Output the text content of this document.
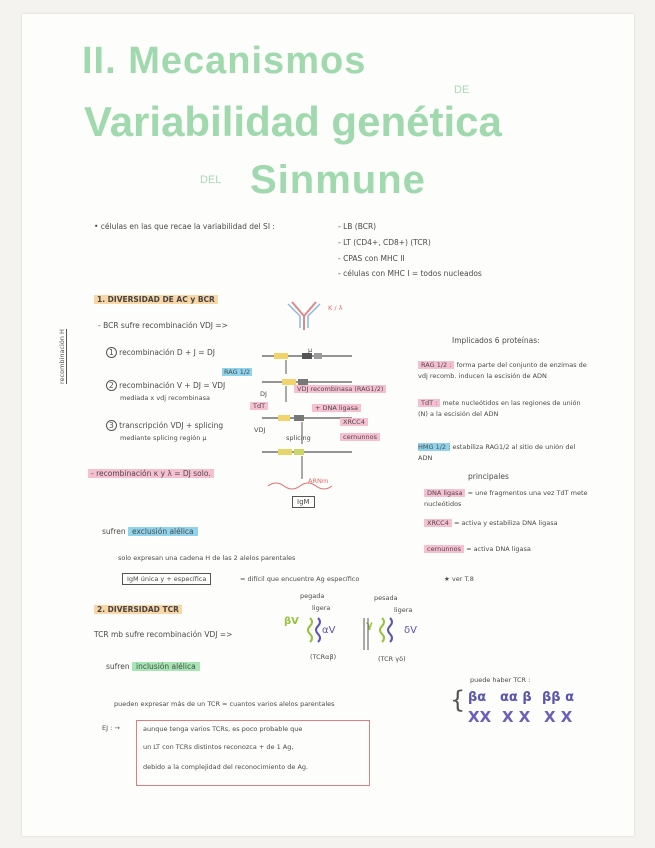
II. Mecanismos
DE
Variabilidad genética
DEL Sinmune
• células en las que recae la variabilidad del SI :	- LB (BCR)
- LT (CD4+, CD8+) (TCR)
- CPAS con MHC II
- células con MHC I = todos nucleados
1. DIVERSIDAD DE AC y BCR
- BCR sufre recombinación VDJ =>
recombinación H	1 recombinación D + J = DJ
2 recombinación V + DJ = VDJ
mediada x vdj recombinasa
3 transcripción VDJ + splicing
mediante splicing región μ
- recombinación κ y λ = DJ solo.
RAG 1/2
DJ
TdT
VDJ
VDJ recombinasa (RAG1/2)
+ DNA ligasa
XRCC4
cernunnos
splicing
μ
ARNm
IgM
K / λ
Implicados 6 proteínas:
RAG 1/2 : forma parte del conjunto de enzimas de vdj recomb. inducen la escisión de ADN
TdT : mete nucleótidos en las regiones de unión (N) a la escisión del ADN
HMG 1/2 : estabiliza RAG1/2 al sitio de unión del ADN
principales
DNA ligasa = une fragmentos una vez TdT mete nucleótidos
XRCC4 = activa y estabiliza DNA ligasa
cernunnos = activa DNA ligasa
sufren exclusión alélica
solo expresan una cadena H de las 2 alelos parentales
IgM única y + específica	= difícil que encuentre Ag específico	★ ver T.8
2. DIVERSIDAD TCR
TCR mb sufre recombinación VDJ =>
pegada
ligera
pesada
ligera
βV
αV	γ	δV
(TCRαβ)	(TCR γδ)
sufren inclusión alélica
pueden expresar más de un TCR = cuantos varios alelos parentales
puede haber TCR :
{ βα αα β ββ α
XX X X X X
EJ : →	aunque tenga varios TCRs, es poco probable que
un LT con TCRs distintos reconozca + de 1 Ag,
debido a la complejidad del reconocimiento de Ag.
